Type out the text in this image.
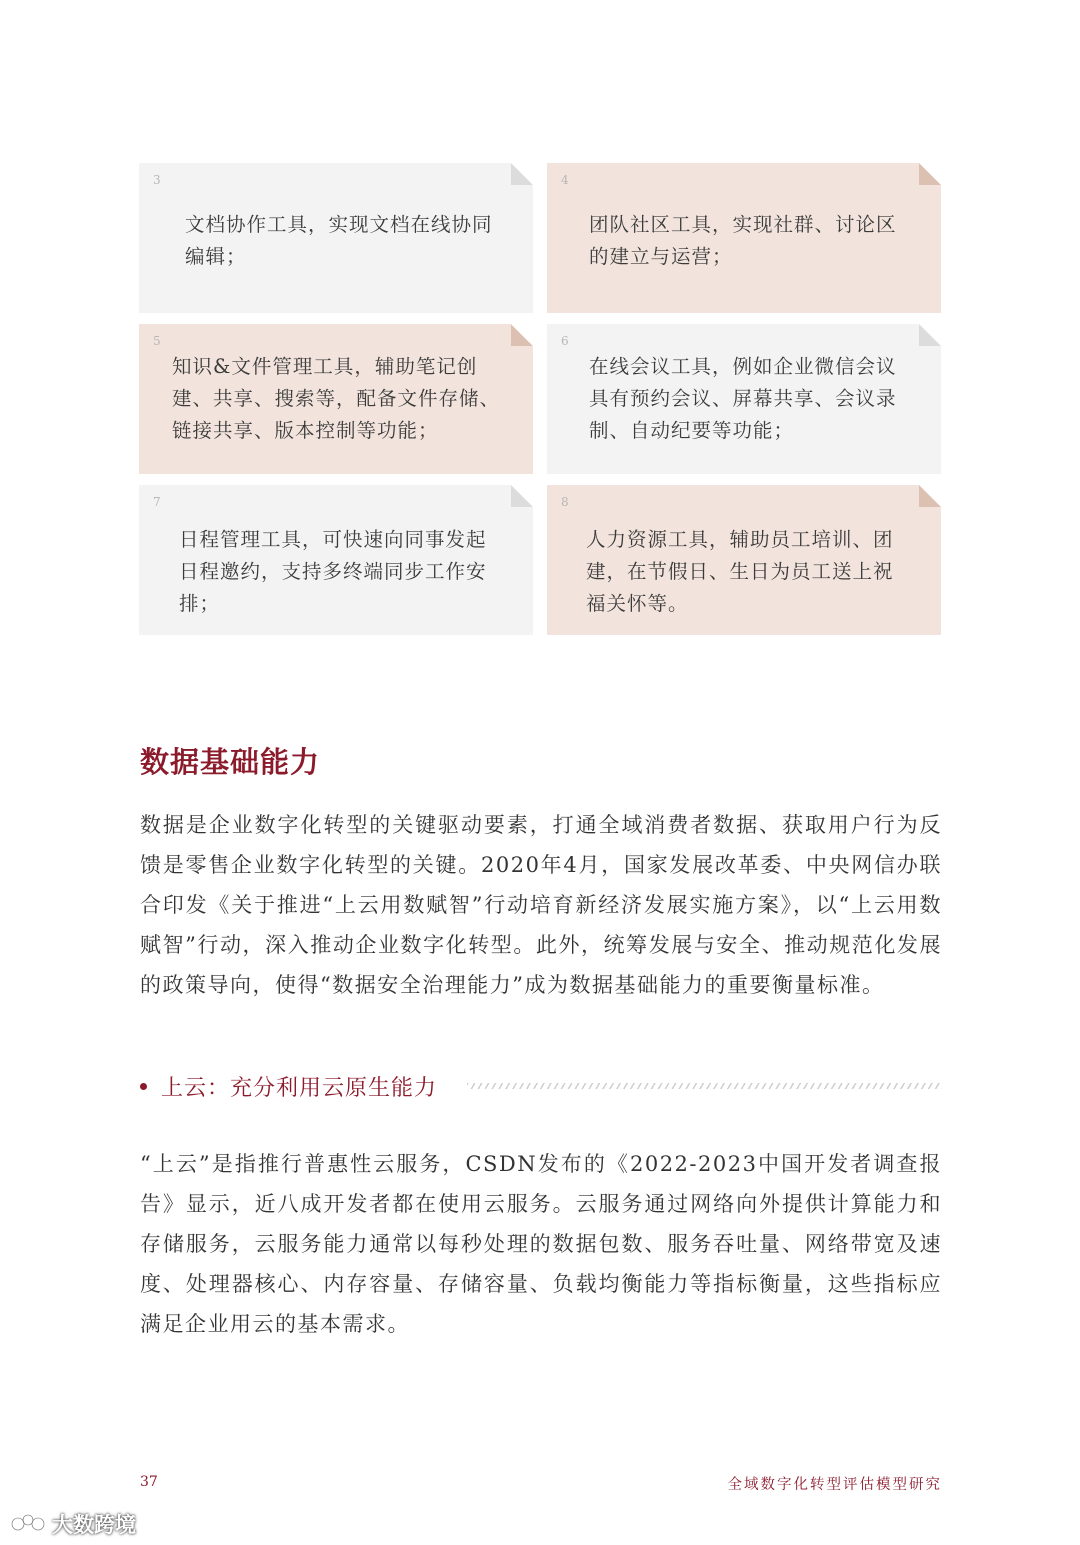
3
文档协作工具，实现文档在线协同编辑；
4
团队社区工具，实现社群、讨论区的建立与运营；
5
知识&文件管理工具，辅助笔记创建、共享、搜索等，配备文件存储、链接共享、版本控制等功能；
6
在线会议工具，例如企业微信会议具有预约会议、屏幕共享、会议录制、自动纪要等功能；
7
日程管理工具，可快速向同事发起日程邀约，支持多终端同步工作安排；
8
人力资源工具，辅助员工培训、团建，在节假日、生日为员工送上祝福关怀等。
数据基础能力

数据是企业数字化转型的关键驱动要素，打通全域消费者数据、获取用户行为反馈是零售企业数字化转型的关键。2020年4月，国家发展改革委、中央网信办联合印发《关于推进“上云用数赋智”行动培育新经济发展实施方案》，以“上云用数赋智”行动，深入推动企业数字化转型。此外，统筹发展与安全、推动规范化发展的政策导向，使得“数据安全治理能力”成为数据基础能力的重要衡量标准。

上云：充分利用云原生能力

“上云”是指推行普惠性云服务，CSDN发布的《2022-2023中国开发者调查报告》显示，近八成开发者都在使用云服务。云服务通过网络向外提供计算能力和存储服务，云服务能力通常以每秒处理的数据包数、服务吞吐量、网络带宽及速度、处理器核心、内存容量、存储容量、负载均衡能力等指标衡量，这些指标应满足企业用云的基本需求。

37	全域数字化转型评估模型研究
大数跨境
